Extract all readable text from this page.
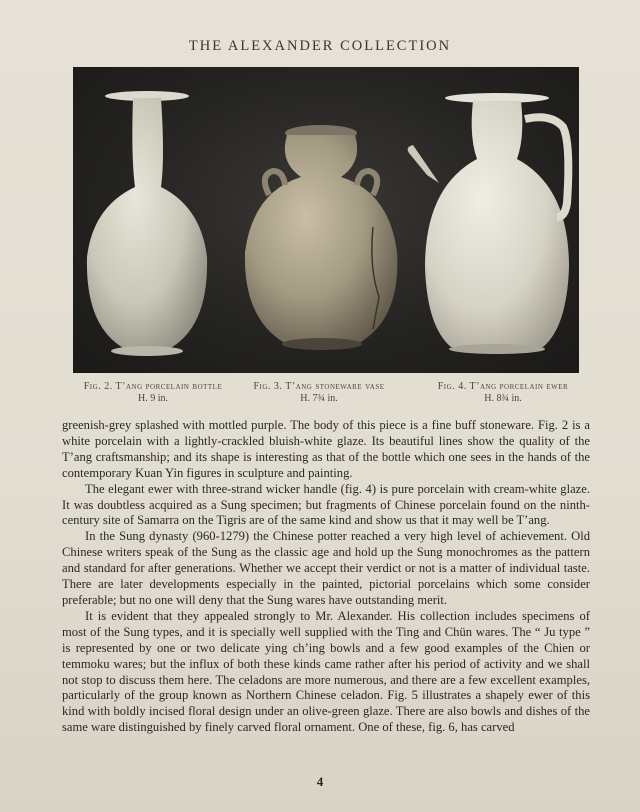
THE ALEXANDER COLLECTION
Fig. 2. T’ang porcelain bottle
H. 9 in.
Fig. 3. T’ang stoneware vase
H. 7¾ in.
Fig. 4. T’ang porcelain ewer
H. 8¾ in.

greenish-grey splashed with mottled purple. The body of this piece is a fine buff stoneware. Fig. 2 is a white porcelain with a lightly-crackled bluish-white glaze. Its beautiful lines show the quality of the T’ang craftsmanship; and its shape is interesting as that of the bottle which one sees in the hands of the contemporary Kuan Yin figures in sculpture and painting.

The elegant ewer with three-strand wicker handle (fig. 4) is pure porcelain with cream-white glaze. It was doubtless acquired as a Sung specimen; but fragments of Chinese porcelain found on the ninth-century site of Samarra on the Tigris are of the same kind and show us that it may well be T’ang.

In the Sung dynasty (960-1279) the Chinese potter reached a very high level of achievement. Old Chinese writers speak of the Sung as the classic age and hold up the Sung monochromes as the pattern and standard for after generations. Whether we accept their verdict or not is a matter of individual taste. There are later developments especially in the painted, pictorial porcelains which some consider preferable; but no one will deny that the Sung wares have outstanding merit.

It is evident that they appealed strongly to Mr. Alexander. His collection includes specimens of most of the Sung types, and it is specially well supplied with the Ting and Chün wares. The “ Ju type ” is represented by one or two delicate ying ch’ing bowls and a few good examples of the Chien or temmoku wares; but the influx of both these kinds came rather after his period of activity and we shall not stop to discuss them here. The celadons are more numerous, and there are a few excellent examples, particularly of the group known as Northern Chinese celadon. Fig. 5 illustrates a shapely ewer of this kind with boldly incised floral design under an olive-green glaze. There are also bowls and dishes of the same ware distinguished by finely carved floral ornament. One of these, fig. 6, has carved

4
